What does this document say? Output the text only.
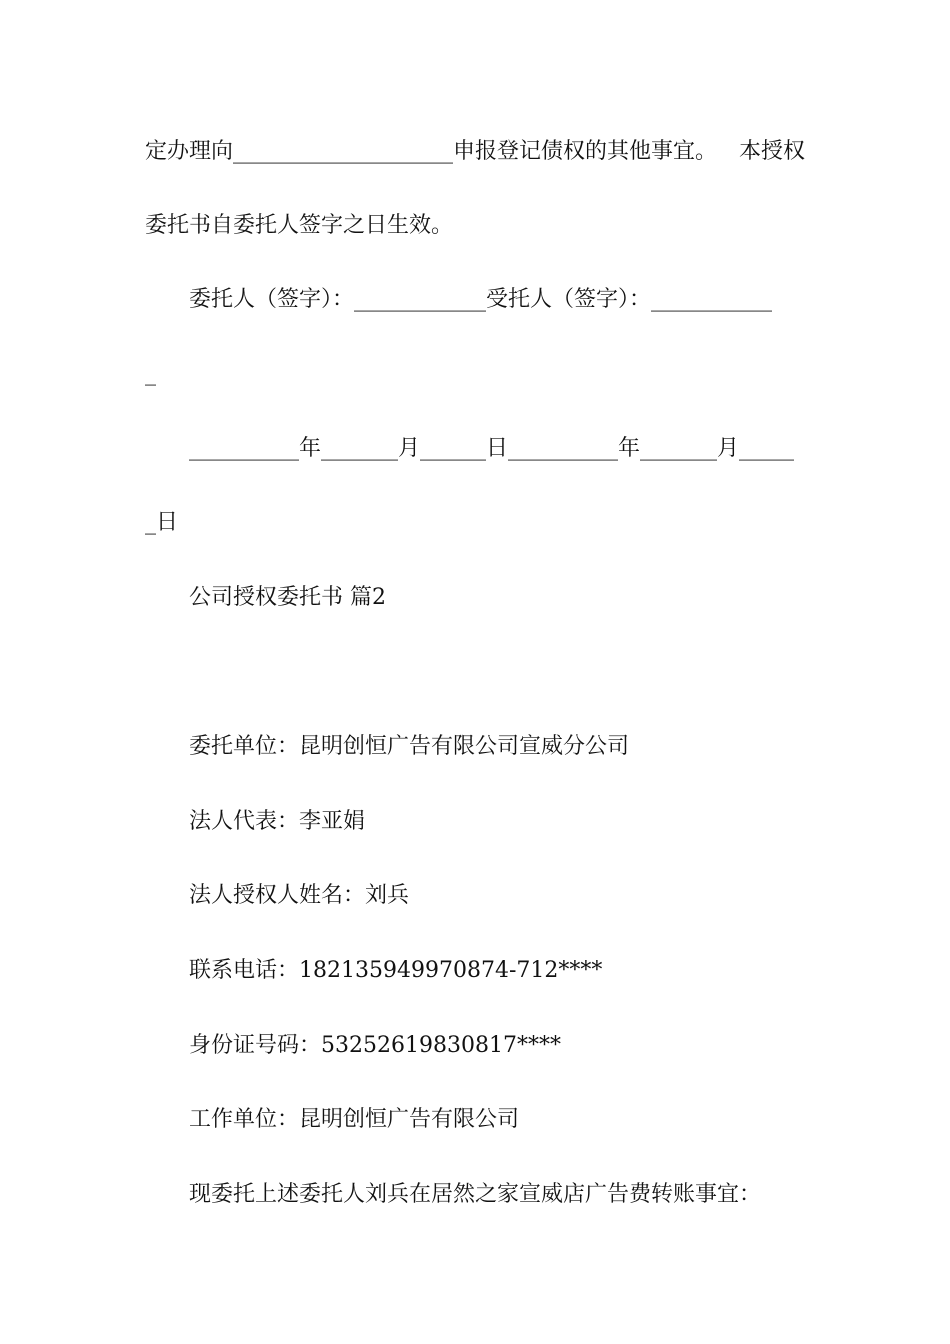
定办理向____________________申报登记债权的其他事宜。 本授权
委托书自委托人签字之日生效。
委托人（签字）：____________受托人（签字）：___________
_
__________年_______月______日__________年_______月_____
_日
公司授权委托书 篇2
委托单位：昆明创恒广告有限公司宣威分公司
法人代表：李亚娟
法人授权人姓名：刘兵
联系电话：182135949970874-712****
身份证号码：53252619830817****
工作单位：昆明创恒广告有限公司
现委托上述委托人刘兵在居然之家宣威店广告费转账事宜：
